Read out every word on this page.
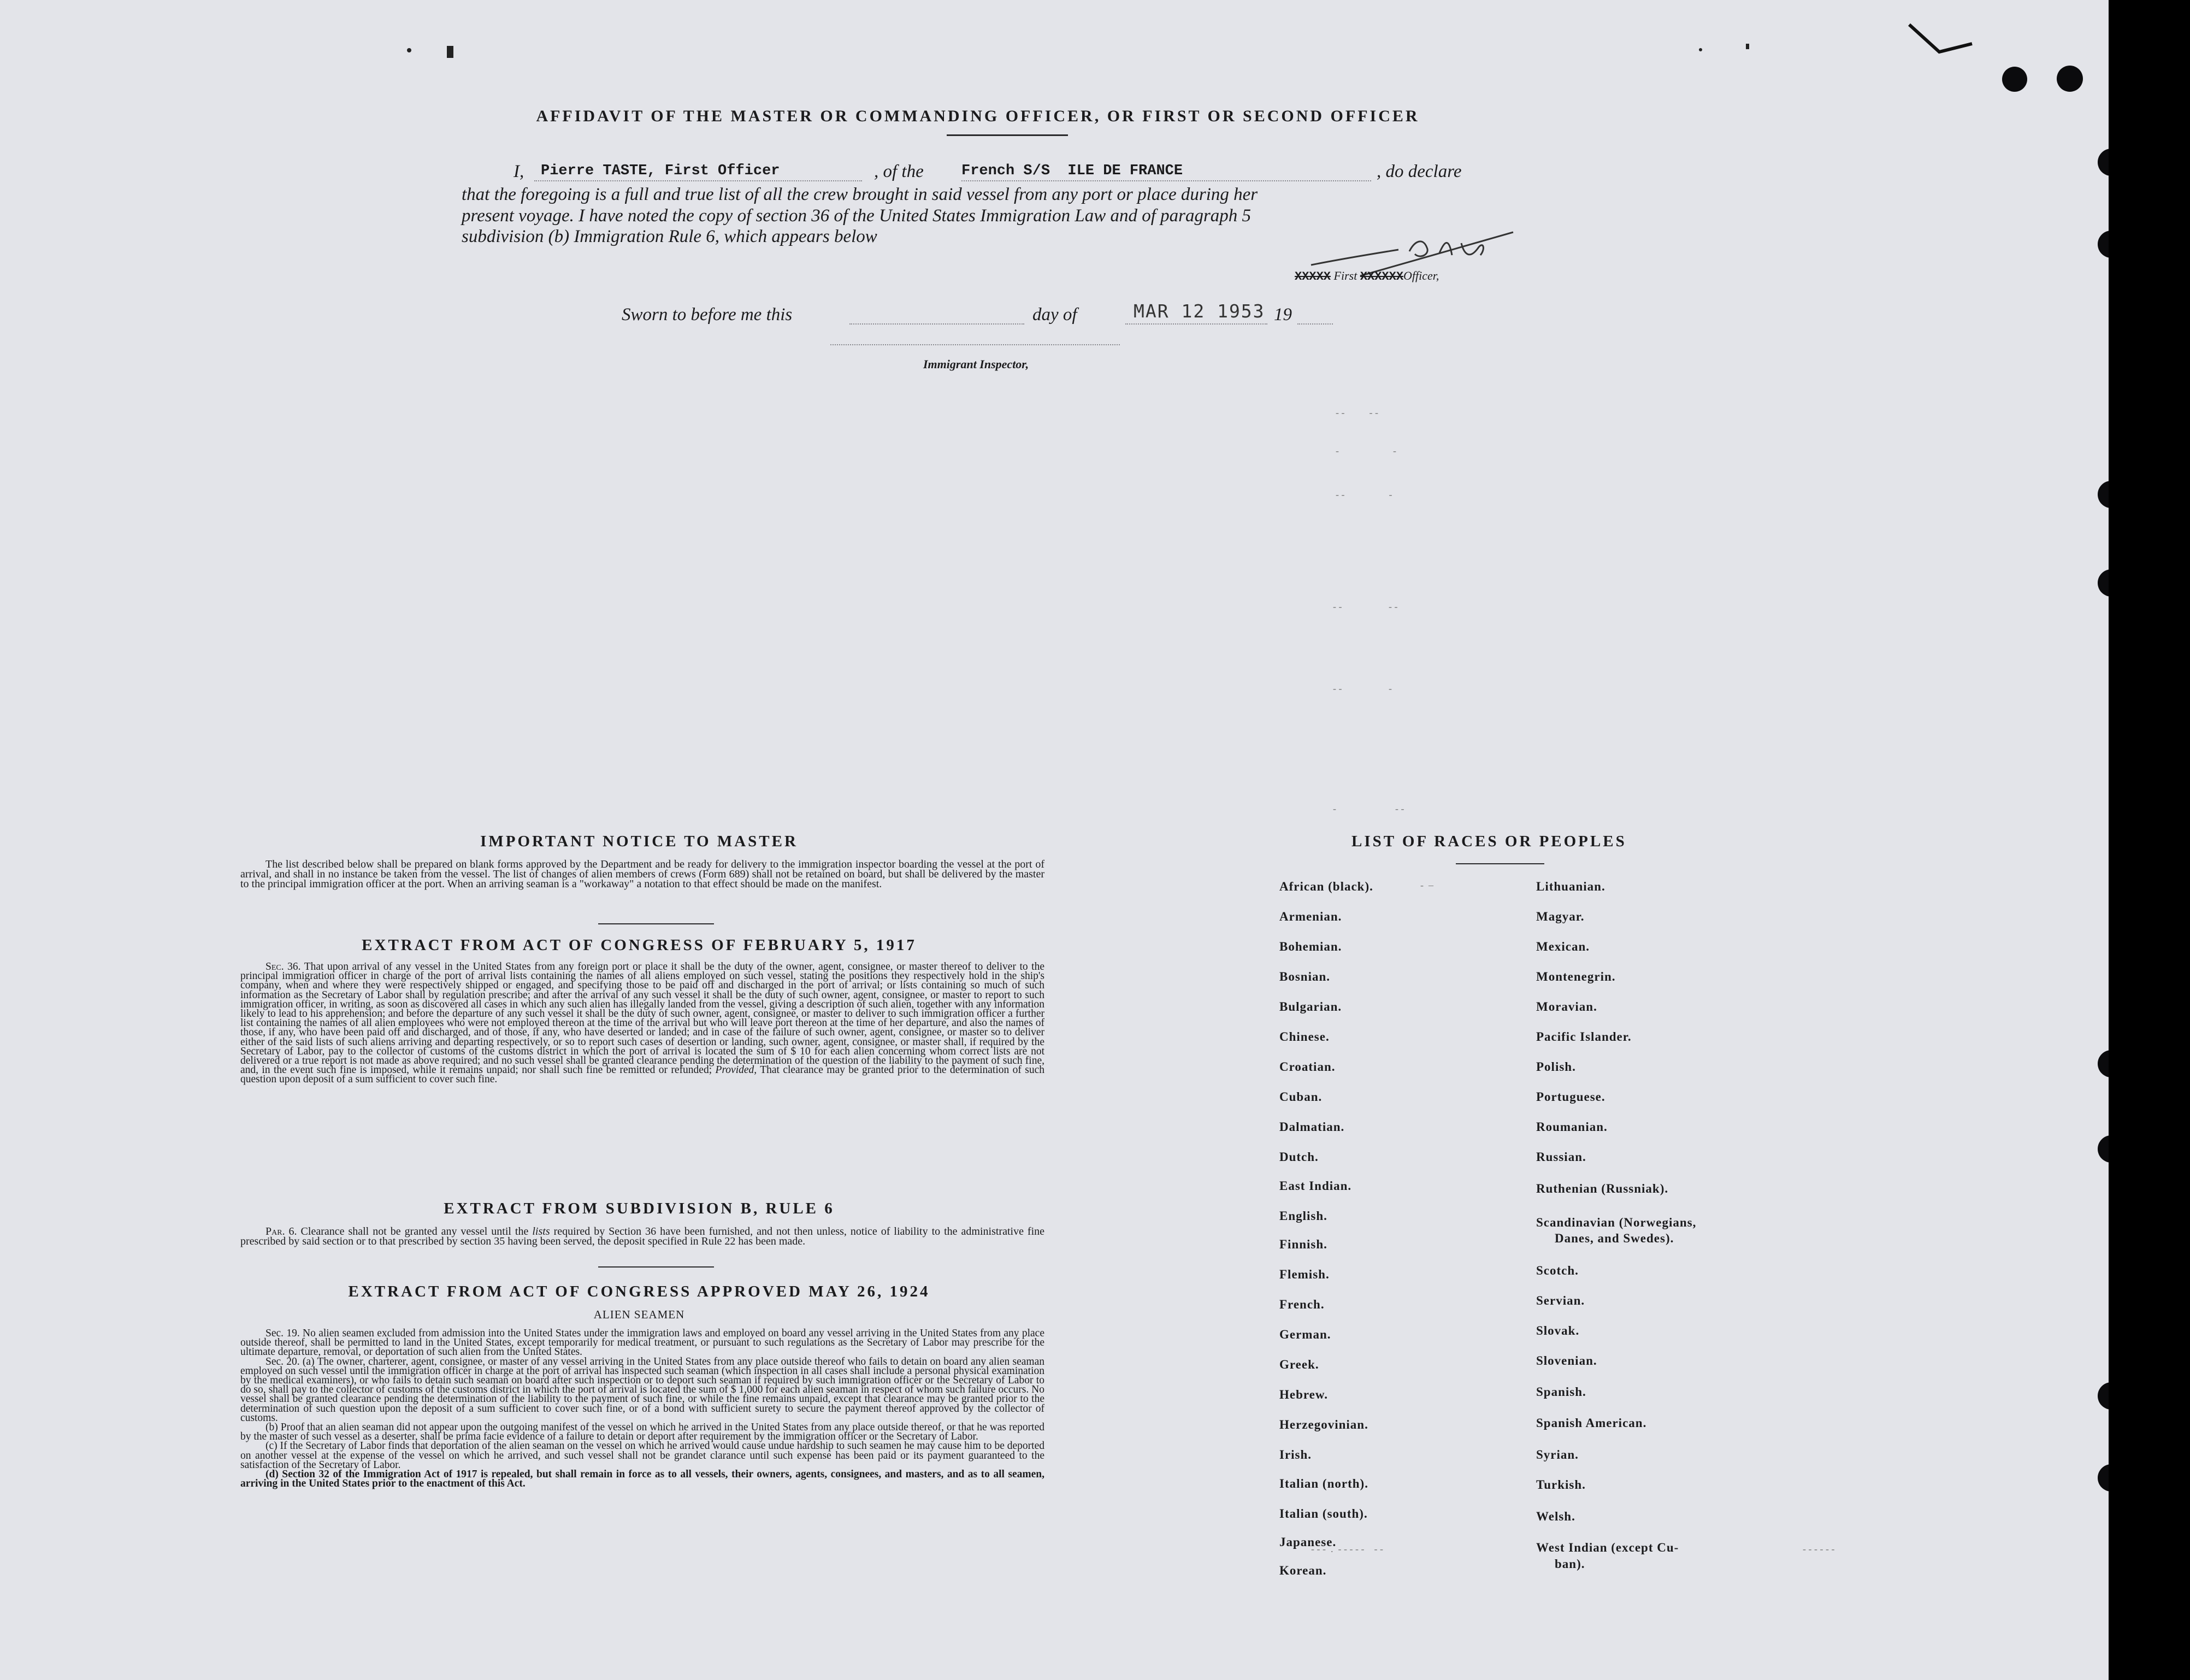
AFFIDAVIT OF THE MASTER OR COMMANDING OFFICER, OR FIRST OR SECOND OFFICER
I, Pierre TASTE, First Officer	, of the	French S/S  ILE DE FRANCE	, do declare
that the foregoing is a full and true list of all the crew brought in said vessel from any port or place during her
present voyage. I have noted the copy of section 36 of the United States Immigration Law and of paragraph 5
subdivision (b) Immigration Rule 6, which appears below
XXXXX First XXXXXXOfficer,
Sworn to before me this	day of	MAR 12 1953 19
Immigrant Inspector,
- -          - -
-                      -
- -                  -
- -                   - -
- -                   -
-                        - -
IMPORTANT NOTICE TO MASTER

The list described below shall be prepared on blank forms approved by the Department and be ready for delivery to the immigration inspector boarding the vessel at the port of arrival, and shall in no instance be taken from the vessel. The list of changes of alien members of crews (Form 689) shall not be retained on board, but shall be delivered by the master to the principal immigration officer at the port. When an arriving seaman is a "workaway" a notation to that effect should be made on the manifest.

EXTRACT FROM ACT OF CONGRESS OF FEBRUARY 5, 1917

Sec. 36. That upon arrival of any vessel in the United States from any foreign port or place it shall be the duty of the owner, agent, consignee, or master thereof to deliver to the principal immigration officer in charge of the port of arrival lists containing the names of all aliens employed on such vessel, stating the positions they respectively hold in the ship's company, when and where they were respectively shipped or engaged, and specifying those to be paid off and discharged in the port of arrival; or lists containing so much of such information as the Secretary of Labor shall by regulation prescribe; and after the arrival of any such vessel it shall be the duty of such owner, agent, consignee, or master to report to such immigration officer, in writing, as soon as discovered all cases in which any such alien has illegally landed from the vessel, giving a description of such alien, together with any information likely to lead to his apprehension; and before the departure of any such vessel it shall be the duty of such owner, agent, consignee, or master to deliver to such immigration officer a further list containing the names of all alien employees who were not employed thereon at the time of the arrival but who will leave port thereon at the time of her departure, and also the names of those, if any, who have been paid off and discharged, and of those, if any, who have deserted or landed; and in case of the failure of such owner, agent, consignee, or master so to deliver either of the said lists of such aliens arriving and departing respectively, or so to report such cases of desertion or landing, such owner, agent, consignee, or master shall, if required by the Secretary of Labor, pay to the collector of customs of the customs district in which the port of arrival is located the sum of $ 10 for each alien concerning whom correct lists are not delivered or a true report is not made as above required; and no such vessel shall be granted clearance pending the determination of the question of the liability to the payment of such fine, and, in the event such fine is imposed, while it remains unpaid; nor shall such fine be remitted or refunded; Provided, That clearance may be granted prior to the determination of such question upon deposit of a sum sufficient to cover such fine.

EXTRACT FROM SUBDIVISION B, RULE 6

Par. 6. Clearance shall not be granted any vessel until the lists required by Section 36 have been furnished, and not then unless, notice of liability to the administrative fine prescribed by said section or to that prescribed by section 35 having been served, the deposit specified in Rule 22 has been made.

EXTRACT FROM ACT OF CONGRESS APPROVED MAY 26, 1924
ALIEN SEAMEN

Sec. 19. No alien seamen excluded from admission into the United States under the immigration laws and employed on board any vessel arriving in the United States from any place outside thereof, shall be permitted to land in the United States, except temporarily for medical treatment, or pursuant to such regulations as the Secretary of Labor may prescribe for the ultimate departure, removal, or deportation of such alien from the United States.

Sec. 20. (a) The owner, charterer, agent, consignee, or master of any vessel arriving in the United States from any place outside thereof who fails to detain on board any alien seaman employed on such vessel until the immigration officer in charge at the port of arrival has inspected such seaman (which inspection in all cases shall include a personal physical examination by the medical examiners), or who fails to detain such seaman on board after such inspection or to deport such seaman if required by such immigration officer or the Secretary of Labor to do so, shall pay to the collector of customs of the customs district in which the port of arrival is located the sum of $ 1,000 for each alien seaman in respect of whom such failure occurs. No vessel shall be granted clearance pending the determination of the liability to the payment of such fine, or while the fine remains unpaid, except that clearance may be granted prior to the determination of such question upon the deposit of a sum sufficient to cover such fine, or of a bond with sufficient surety to secure the payment thereof approved by the collector of customs.

(b) Proof that an alien seaman did not appear upon the outgoing manifest of the vessel on which he arrived in the United States from any place outside thereof, or that he was reported by the master of such vessel as a deserter, shall be prima facie evidence of a failure to detain or deport after requirement by the immigration officer or the Secretary of Labor.

(c) If the Secretary of Labor finds that deportation of the alien seaman on the vessel on which he arrived would cause undue hardship to such seamen he may cause him to be deported on another vessel at the expense of the vessel on which he arrived, and such vessel shall not be grandet clarance until such expense has been paid or its payment guaranteed to the satisfaction of the Secretary of Labor.

(d) Section 32 of the Immigration Act of 1917 is repealed, but shall remain in force as to all vessels, their owners, agents, consignees, and masters, and as to all seamen, arriving in the United States prior to the enactment of this Act.

LIST OF RACES OR PEOPLES
African (black).
Armenian.
Bohemian.
Bosnian.
Bulgarian.
Chinese.
Croatian.
Cuban.
Dalmatian.
Dutch.
East Indian.
English.
Finnish.
Flemish.
French.
German.
Greek.
Hebrew.
Herzegovinian.
Irish.
Italian (north).
Italian (south).
Japanese.
Korean.
Lithuanian.
Magyar.
Mexican.
Montenegrin.
Moravian.
Pacific Islander.
Polish.
Portuguese.
Roumanian.
Russian.
Ruthenian (Russniak).
Scandinavian (Norwegians,
Scotch.
Servian.
Slovak.
Slovenian.
Spanish.
Spanish American.
Syrian.
Turkish.
Welsh.
West Indian (except Cu-
Danes, and Swedes).
ban).
-  –
- - -  .  - - - - -    - -	- - - - - -
